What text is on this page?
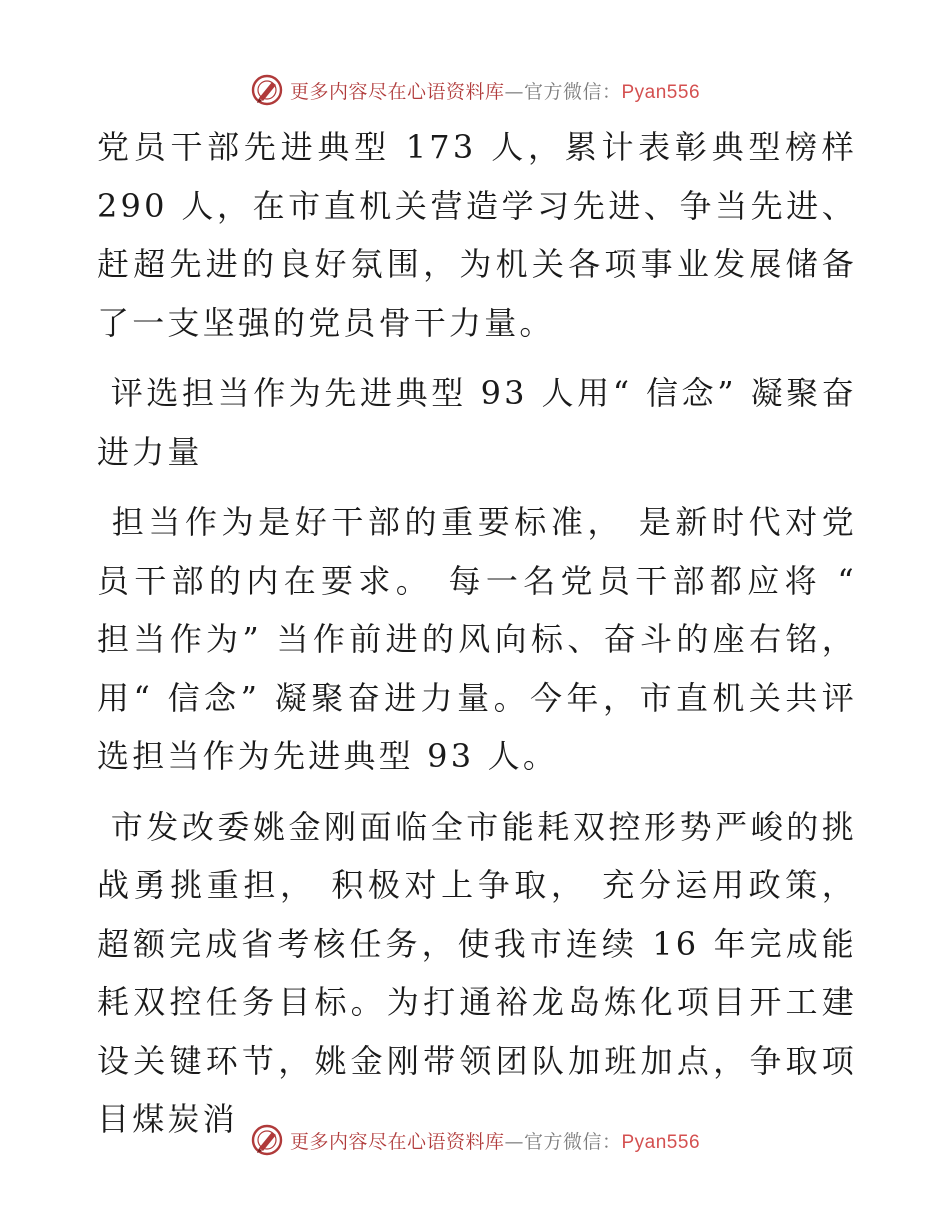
更多内容尽在心语资料库—官方微信：Pyan556

党员干部先进典型 173 人，累计表彰典型榜样 290 人，在市直机关营造学习先进、争当先进、赶超先进的良好氛围，为机关各项事业发展储备了一支坚强的党员骨干力量。

评选担当作为先进典型 93 人用“ 信念” 凝聚奋进力量

担当作为是好干部的重要标准， 是新时代对党员干部的内在要求。 每一名党员干部都应将 “ 担当作为” 当作前进的风向标、奋斗的座右铭，用“ 信念” 凝聚奋进力量。今年，市直机关共评选担当作为先进典型 93 人。

市发改委姚金刚面临全市能耗双控形势严峻的挑战勇挑重担， 积极对上争取， 充分运用政策，超额完成省考核任务，使我市连续 16 年完成能耗双控任务目标。为打通裕龙岛炼化项目开工建设关键环节，姚金刚带领团队加班加点，争取项目煤炭消

更多内容尽在心语资料库—官方微信：Pyan556
